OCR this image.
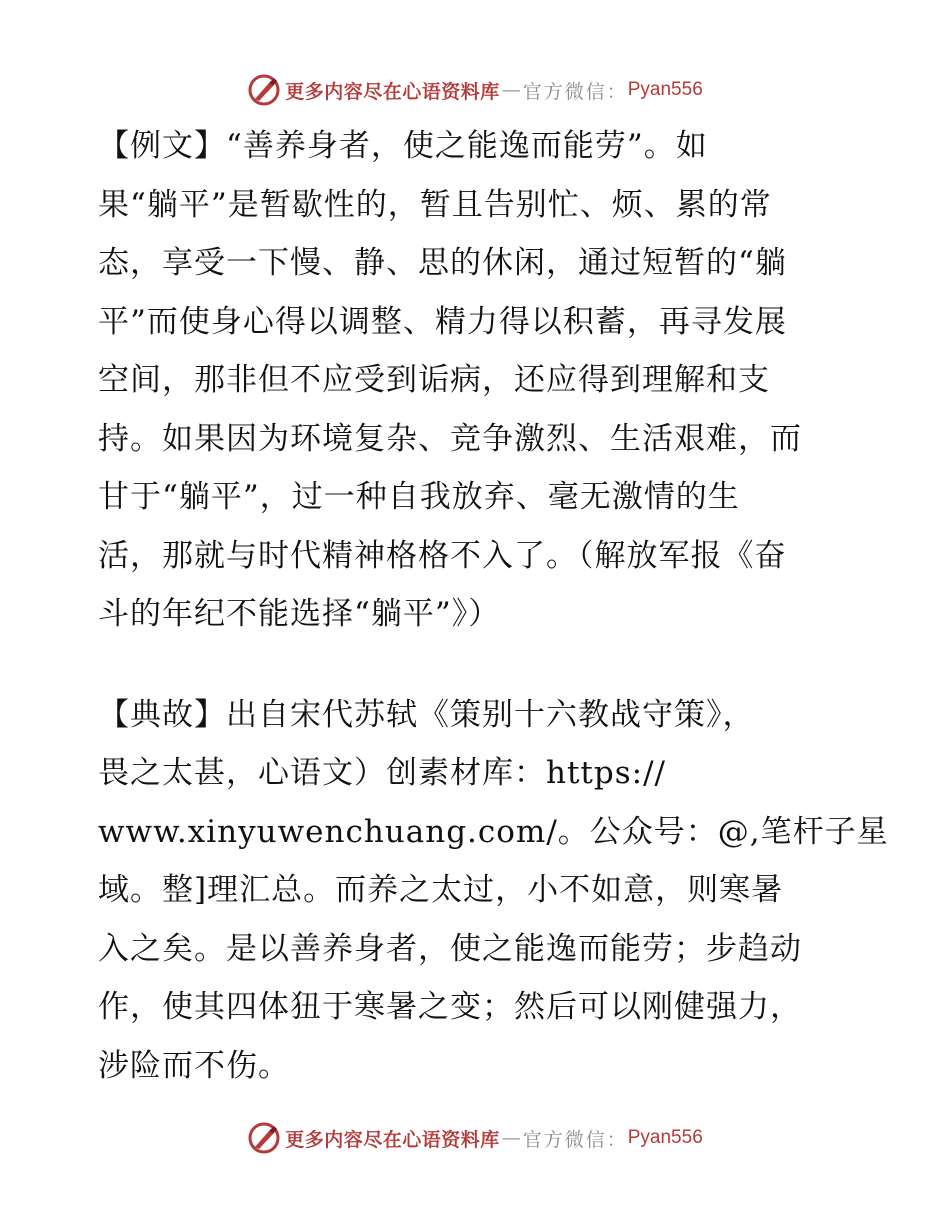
更多内容尽在心语资料库 — 官方微信： Pyan556
【例文】“善养身者，使之能逸而能劳”。如
果“躺平”是暂歇性的，暂且告别忙、烦、累的常
态，享受一下慢、静、思的休闲，通过短暂的“躺
平”而使身心得以调整、精力得以积蓄，再寻发展
空间，那非但不应受到诟病，还应得到理解和支
持。如果因为环境复杂、竞争激烈、生活艰难，而
甘于“躺平”，过一种自我放弃、毫无激情的生
活，那就与时代精神格格不入了。（解放军报《奋
斗的年纪不能选择“躺平”》）
【典故】出自宋代苏轼《策别十六教战守策》，
畏之太甚，心语文）创素材库：https://
www.xinyuwenchuang.com/。公众号：@,笔杆子星
域。整]理汇总。而养之太过，小不如意，则寒暑
入之矣。是以善养身者，使之能逸而能劳；步趋动
作，使其四体狃于寒暑之变；然后可以刚健强力，
涉险而不伤。
更多内容尽在心语资料库 — 官方微信： Pyan556
